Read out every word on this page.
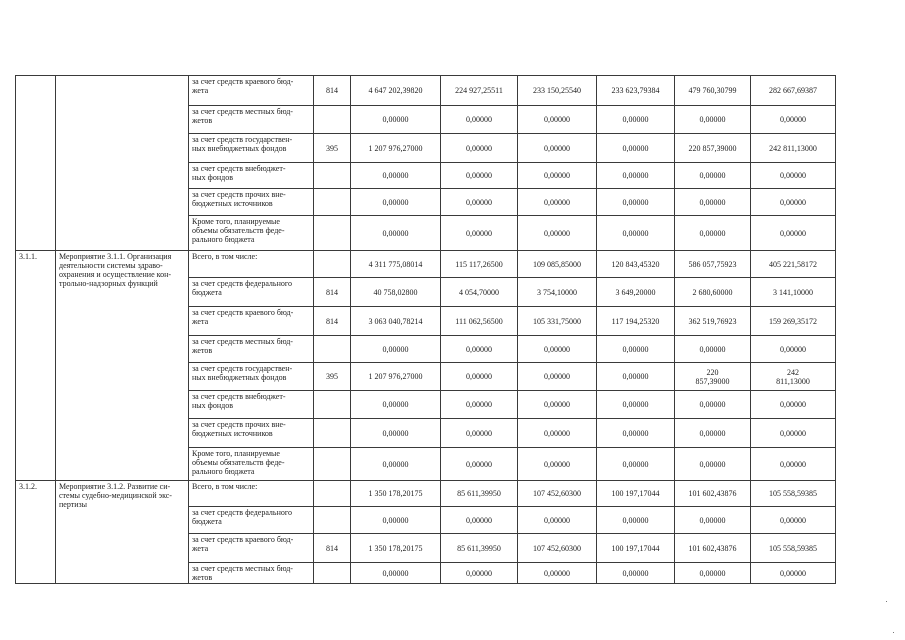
		за счет средств краевого бюд-
жета	814	4 647 202,39820	224 927,25511	233 150,25540	233 623,79384	479 760,30799	282 667,69387
		за счет средств местных бюд-
жетов		0,00000	0,00000	0,00000	0,00000	0,00000	0,00000
		за счет средств государствен-
ных внебюджетных фондов	395	1 207 976,27000	0,00000	0,00000	0,00000	220 857,39000	242 811,13000
		за счет средств внебюджет-
ных фондов		0,00000	0,00000	0,00000	0,00000	0,00000	0,00000
		за счет средств прочих вне-
бюджетных источников		0,00000	0,00000	0,00000	0,00000	0,00000	0,00000
		Кроме того, планируемые
объемы обязательств феде-
рального бюджета		0,00000	0,00000	0,00000	0,00000	0,00000	0,00000
3.1.1.	Мероприятие 3.1.1. Организация
деятельности системы здраво-
охранения и осуществление кон-
трольно-надзорных функций	Всего, в том числе:		4 311 775,08014	115 117,26500	109 085,85000	120 843,45320	586 057,75923	405 221,58172
		за счет средств федерального
бюджета	814	40 758,02800	4 054,70000	3 754,10000	3 649,20000	2 680,60000	3 141,10000
		за счет средств краевого бюд-
жета	814	3 063 040,78214	111 062,56500	105 331,75000	117 194,25320	362 519,76923	159 269,35172
		за счет средств местных бюд-
жетов		0,00000	0,00000	0,00000	0,00000	0,00000	0,00000
		за счет средств государствен-
ных внебюджетных фондов	395	1 207 976,27000	0,00000	0,00000	0,00000	220
857,39000	242
811,13000
		за счет средств внебюджет-
ных фондов		0,00000	0,00000	0,00000	0,00000	0,00000	0,00000
		за счет средств прочих вне-
бюджетных источников		0,00000	0,00000	0,00000	0,00000	0,00000	0,00000
		Кроме того, планируемые
объемы обязательств феде-
рального бюджета		0,00000	0,00000	0,00000	0,00000	0,00000	0,00000
3.1.2.	Мероприятие 3.1.2. Развитие си-
стемы судебно-медицинской экс-
пертизы	Всего, в том числе:		1 350 178,20175	85 611,39950	107 452,60300	100 197,17044	101 602,43876	105 558,59385
		за счет средств федерального
бюджета		0,00000	0,00000	0,00000	0,00000	0,00000	0,00000
		за счет средств краевого бюд-
жета	814	1 350 178,20175	85 611,39950	107 452,60300	100 197,17044	101 602,43876	105 558,59385
		за счет средств местных бюд-
жетов		0,00000	0,00000	0,00000	0,00000	0,00000	0,00000
